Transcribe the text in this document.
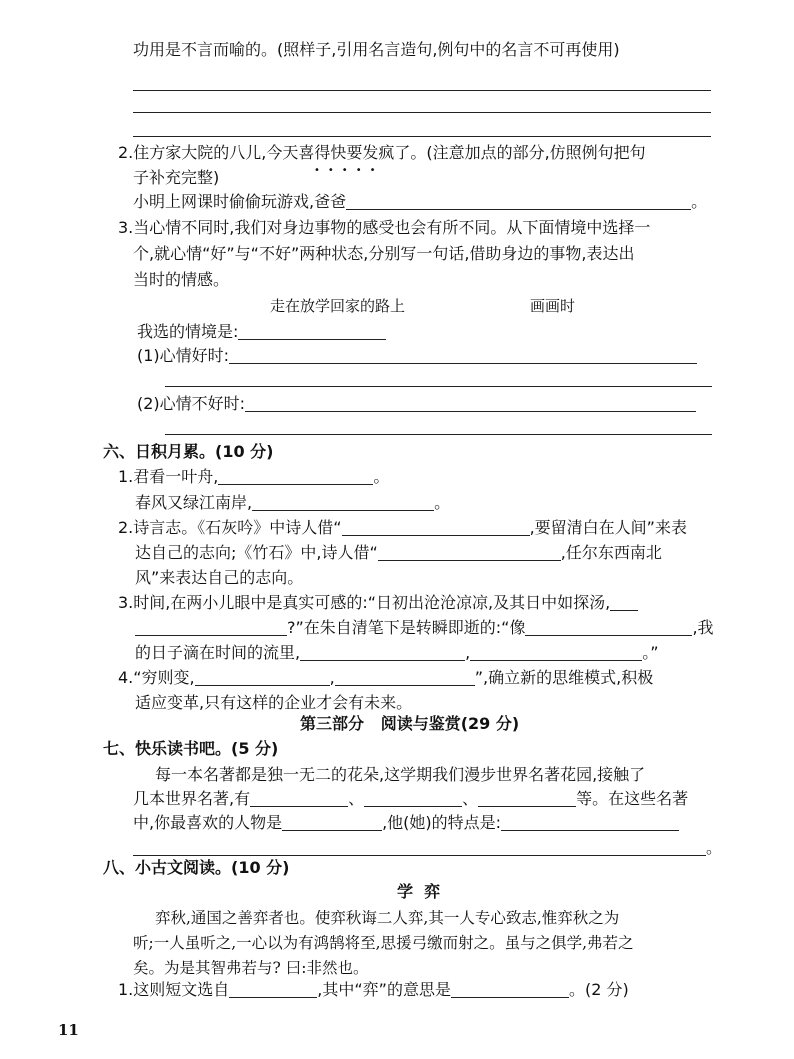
功用是不言而喻的。(照样子,引用名言造句,例句中的名言不可再使用)
2.住方家大院的八儿,今天喜得快要发疯了。(注意加点的部分,仿照例句把句
•••••
子补充完整)
小明上网课时偷偷玩游戏,爸爸	。
3.当心情不同时,我们对身边事物的感受也会有所不同。从下面情境中选择一
个,就心情“好”与“不好”两种状态,分别写一句话,借助身边的事物,表达出
当时的情感。
走在放学回家的路上	画画时
我选的情境是:
(1)心情好时:
(2)心情不好时:
六、日积月累。(10 分)
1.君看一叶舟,	。
春风又绿江南岸,	。
2.诗言志。《石灰吟》中诗人借“	,要留清白在人间”来表
达自己的志向;《竹石》中,诗人借“	,任尔东西南北
风”来表达自己的志向。
3.时间,在两小儿眼中是真实可感的:“日初出沧沧凉凉,及其日中如探汤,
?”在朱自清笔下是转瞬即逝的:“像	,我
的日子滴在时间的流里,	,	。”
4.“穷则变,	,	”,确立新的思维模式,积极
适应变革,只有这样的企业才会有未来。
第三部分   阅读与鉴赏(29 分)
七、快乐读书吧。(5 分)
每一本名著都是独一无二的花朵,这学期我们漫步世界名著花园,接触了
几本世界名著,有	、	、	等。在这些名著
中,你最喜欢的人物是	,他(她)的特点是:
。
八、小古文阅读。(10 分)
学  弈
弈秋,通国之善弈者也。使弈秋诲二人弈,其一人专心致志,惟弈秋之为
听;一人虽听之,一心以为有鸿鹄将至,思援弓缴而射之。虽与之俱学,弗若之
矣。为是其智弗若与? 曰:非然也。
1.这则短文选自	,其中“弈”的意思是	。(2 分)
11
